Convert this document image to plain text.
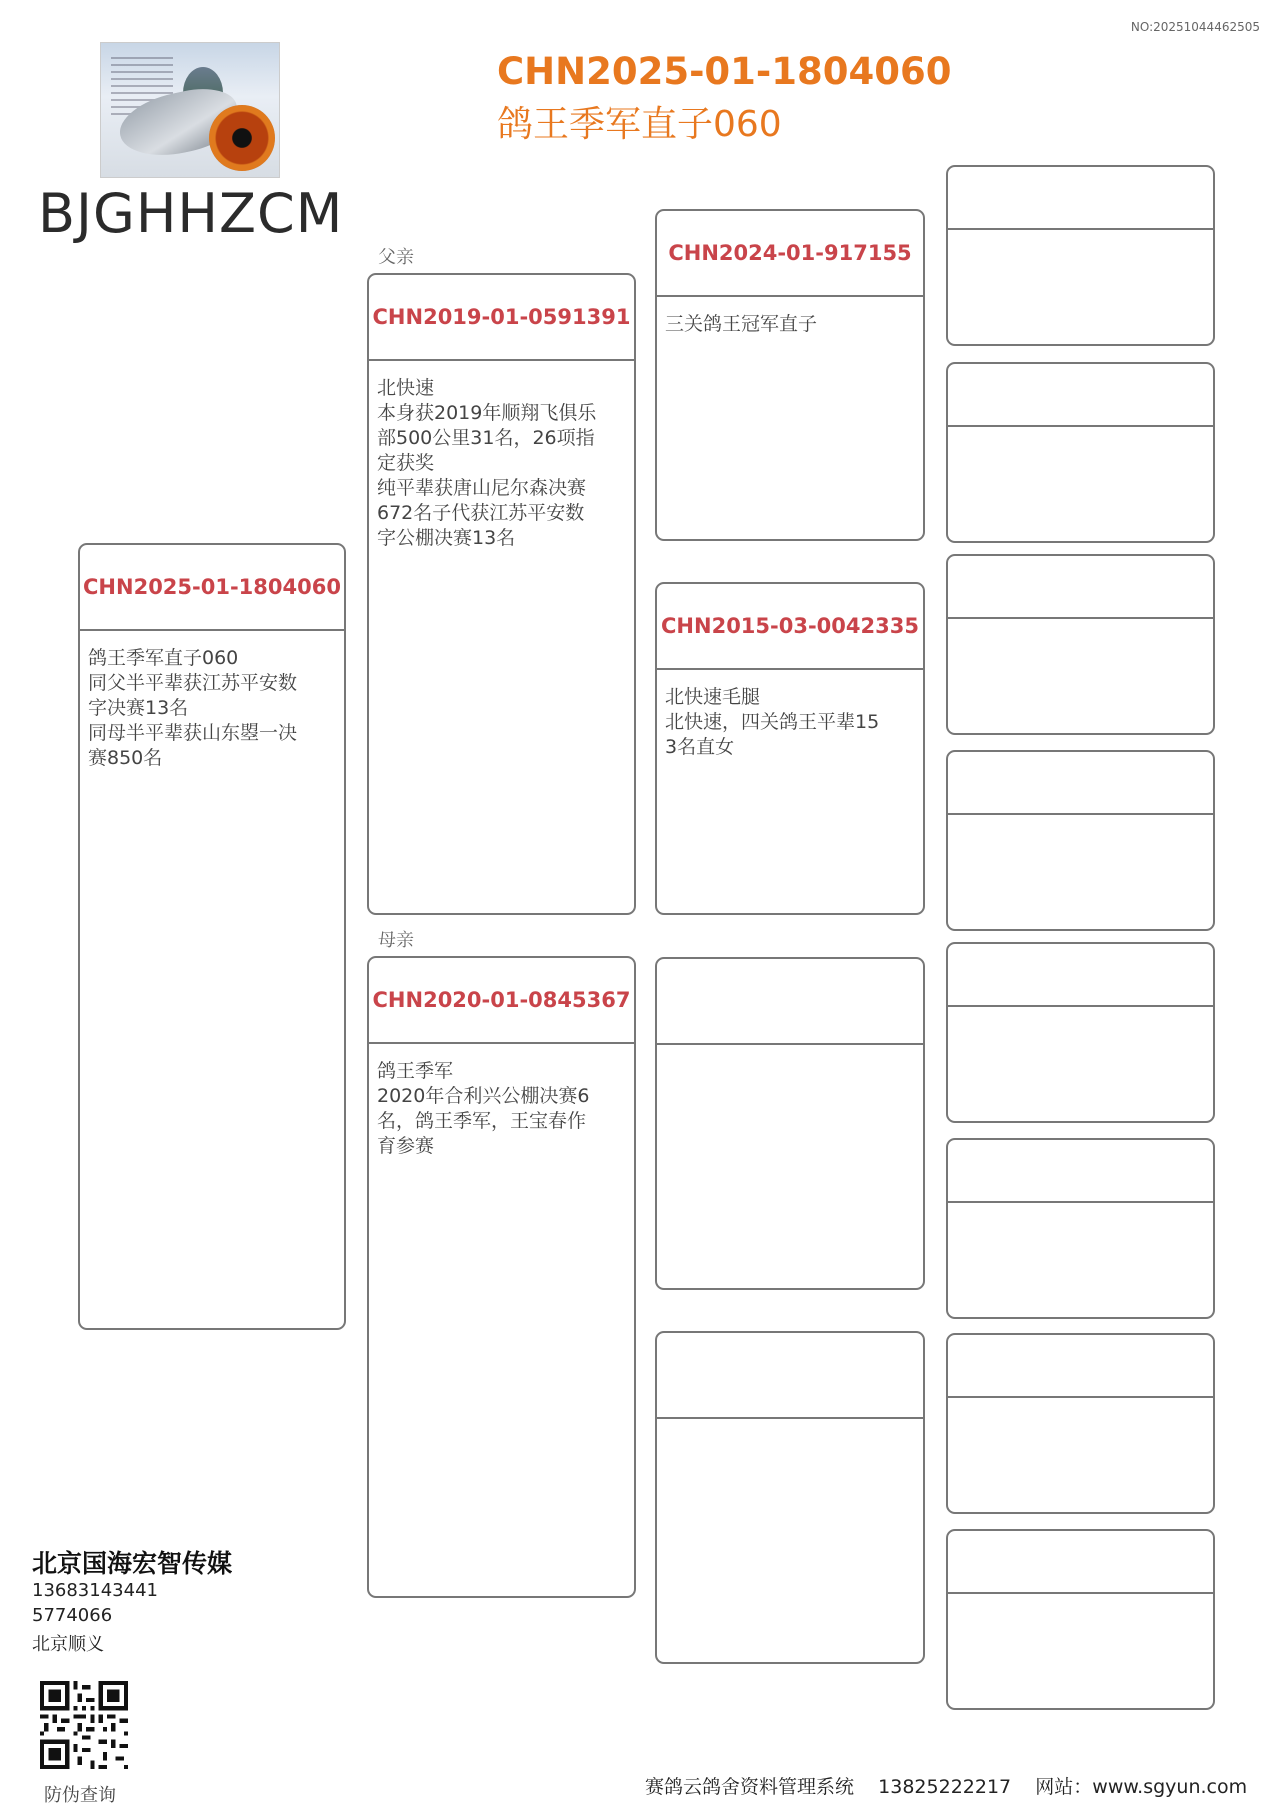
NO:20251044462505
BJGHHZCM
CHN2025-01-1804060
鸽王季军直子060
CHN2025-01-1804060
鸽王季军直子060
同父半平辈获江苏平安数
字决赛13名
同母半平辈获山东曌一决
赛850名
父亲
CHN2019-01-0591391
北快速
本身获2019年顺翔飞俱乐
部500公里31名，26项指
定获奖
纯平辈获唐山尼尔森决赛
672名子代获江苏平安数
字公棚决赛13名
母亲
CHN2020-01-0845367
鸽王季军
2020年合利兴公棚决赛6
名，鸽王季军，王宝春作
育参赛
CHN2024-01-917155
三关鸽王冠军直子
CHN2015-03-0042335
北快速毛腿
北快速，四关鸽王平辈15
3名直女
北京国海宏智传媒
13683143441
5774066
北京顺义
防伪查询	赛鸽云鸽舍资料管理系统    13825222217    网站：www.sgyun.com
